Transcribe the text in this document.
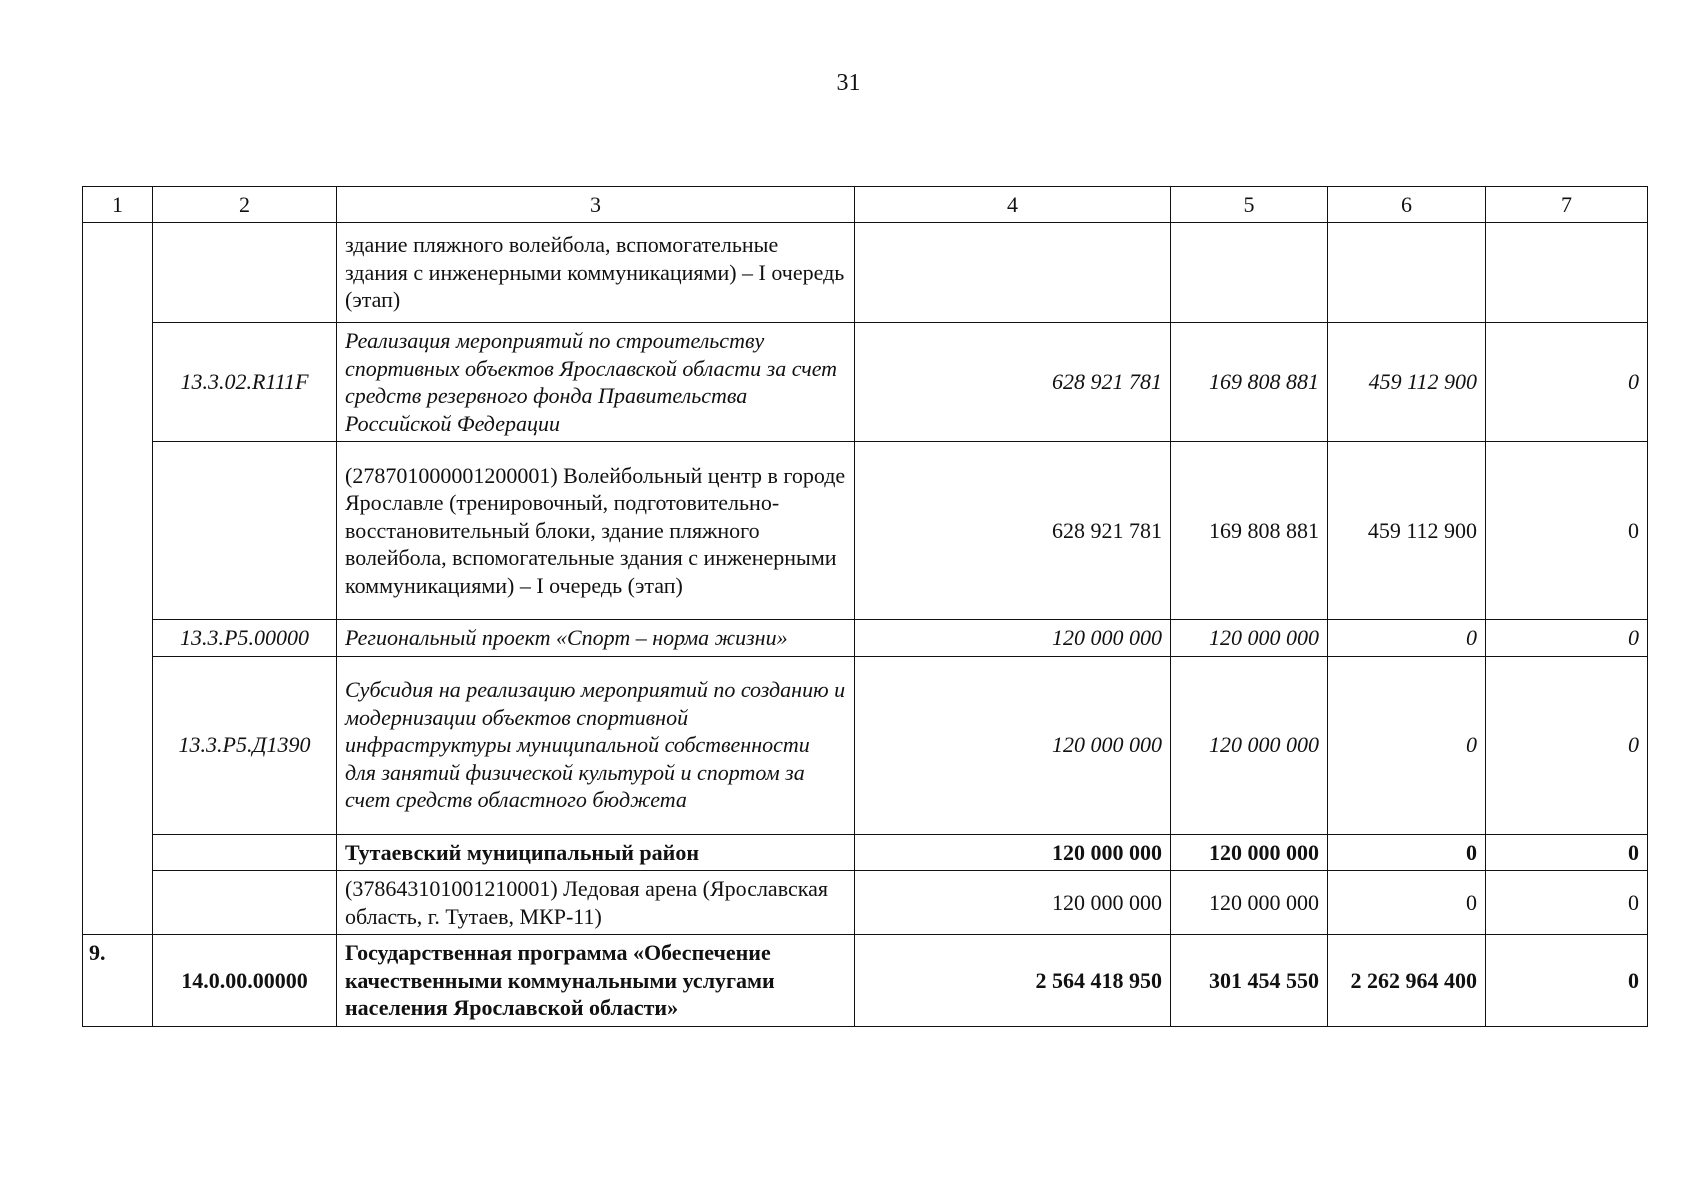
31
1	2	3	4	5	6	7
		здание пляжного волейбола, вспомогательные здания с инженерными коммуникациями) – I очередь (этап)				
	13.3.02.R111F	Реализация мероприятий по строительству спортивных объектов Ярославской области за счет средств резервного фонда Правительства Российской Федерации	628 921 781	169 808 881	459 112 900	0
		(278701000001200001) Волейбольный центр в городе Ярославле (тренировочный, подготовительно-восстановительный блоки, здание пляжного волейбола, вспомогательные здания с инженерными коммуникациями) – I очередь (этап)	628 921 781	169 808 881	459 112 900	0
	13.3.P5.00000	Региональный проект «Спорт – норма жизни»	120 000 000	120 000 000	0	0
	13.3.P5.Д1390	Субсидия на реализацию мероприятий по созданию и модернизации объектов спортивной инфраструктуры муниципальной собственности для занятий физической культурой и спортом за счет средств областного бюджета	120 000 000	120 000 000	0	0
		Тутаевский муниципальный район	120 000 000	120 000 000	0	0
		(378643101001210001) Ледовая арена (Ярославская область, г. Тутаев, МКР-11)	120 000 000	120 000 000	0	0
9.	14.0.00.00000	Государственная программа «Обеспечение качественными коммунальными услугами населения Ярославской области»	2 564 418 950	301 454 550	2 262 964 400	0
